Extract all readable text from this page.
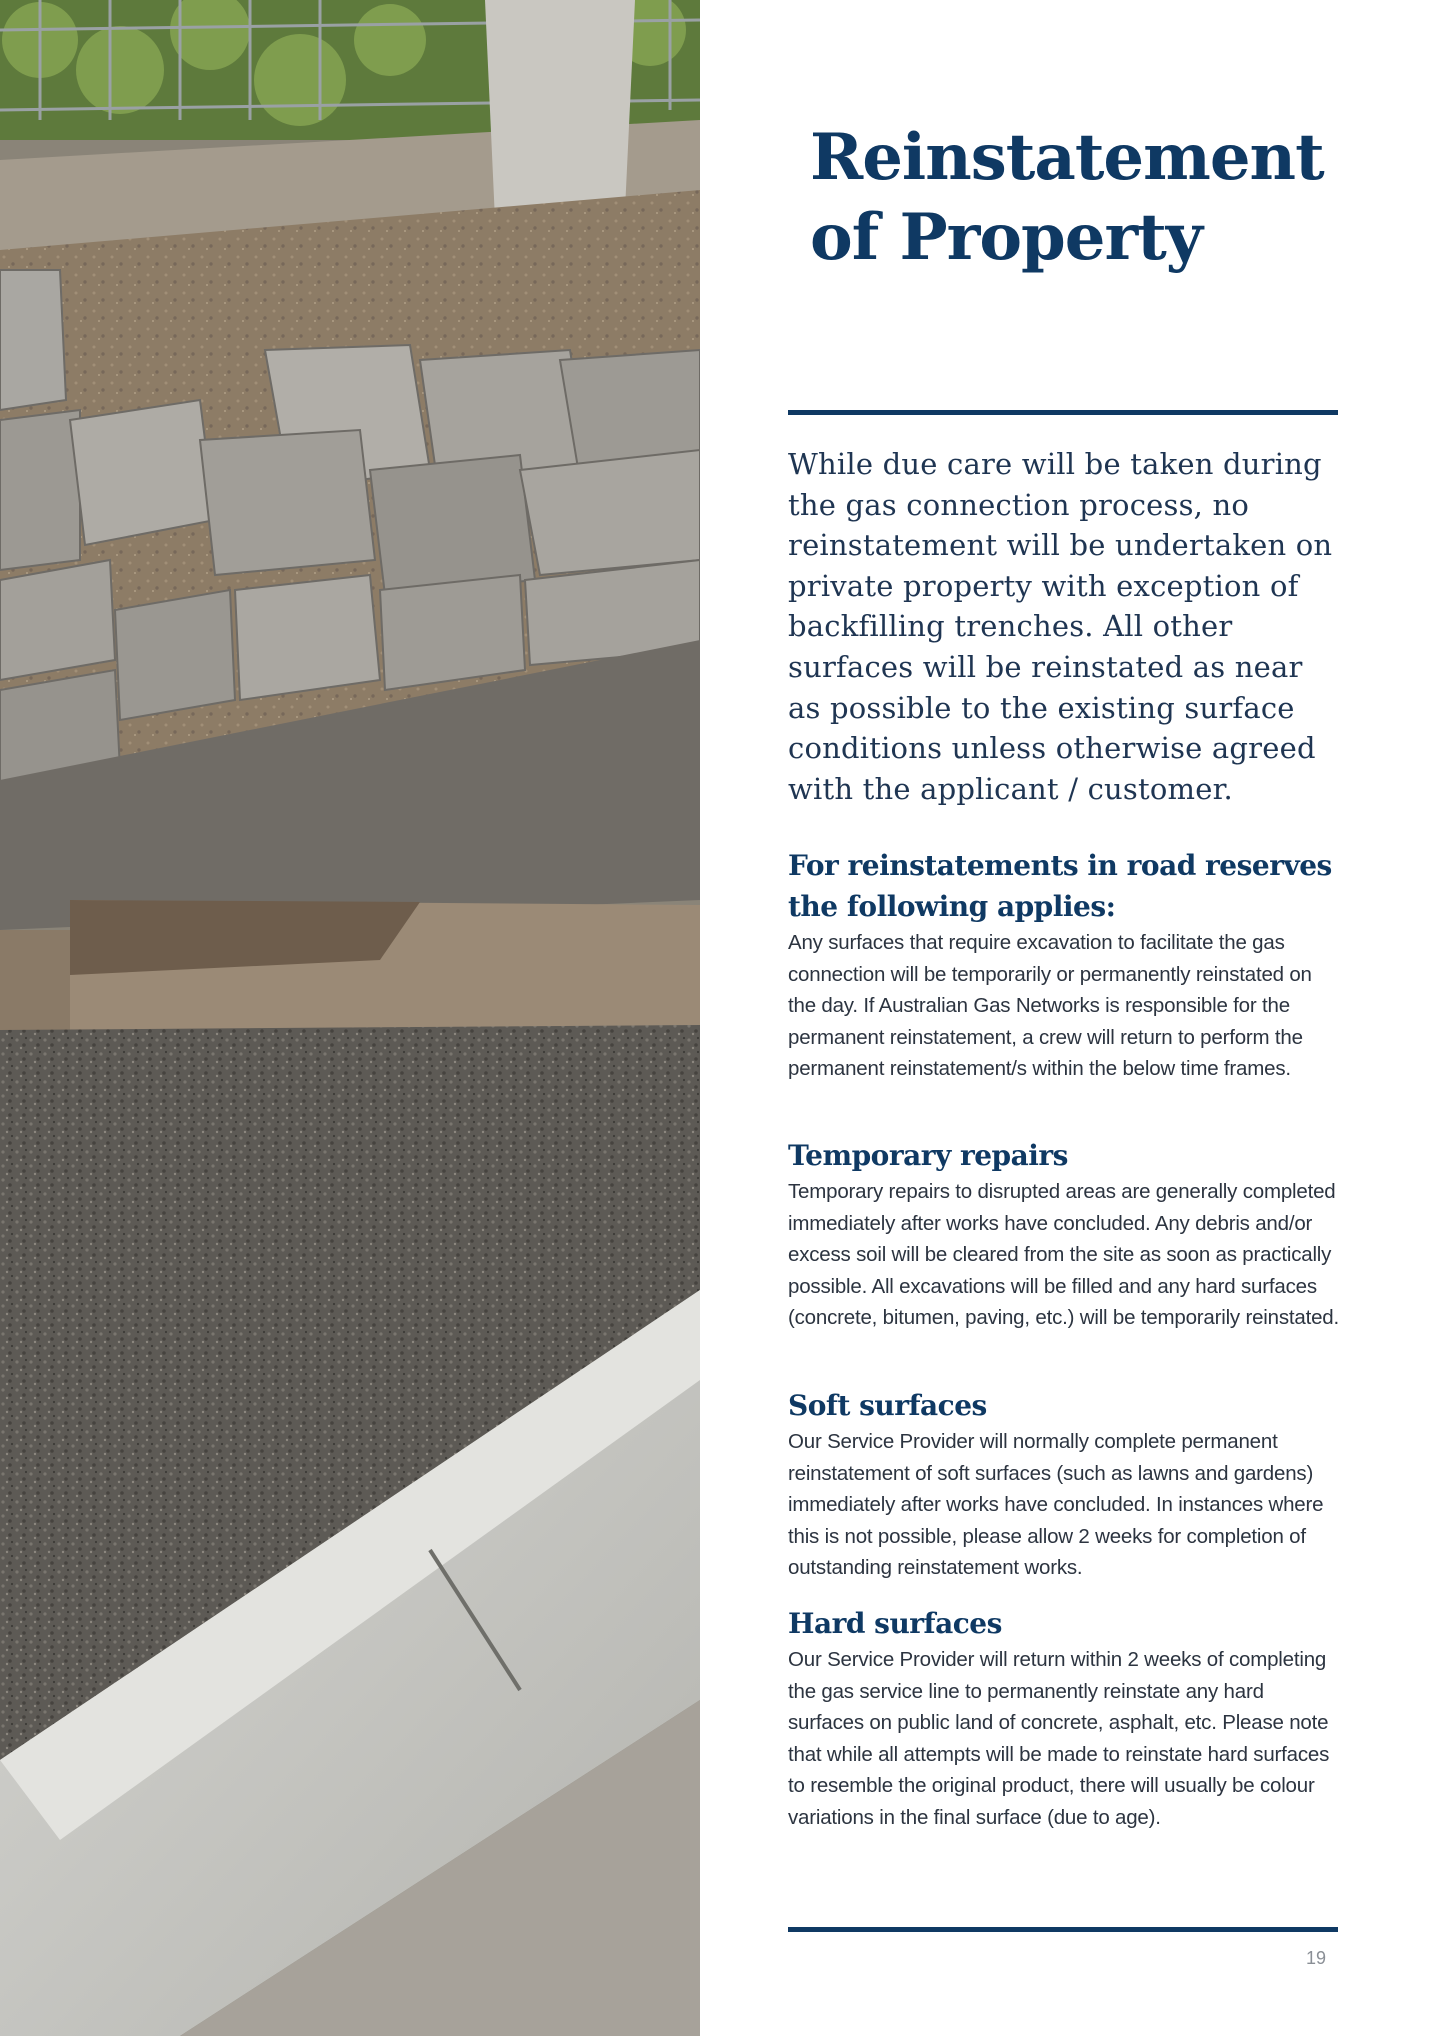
Reinstatement
of Property

While due care will be taken during the gas connection process, no reinstatement will be undertaken on private property with exception of backfilling trenches. All other surfaces will be reinstated as near as possible to the existing surface conditions unless otherwise agreed with the applicant / customer.

For reinstatements in road reserves the following applies:

Any surfaces that require excavation to facilitate the gas connection will be temporarily or permanently reinstated on the day. If Australian Gas Networks is responsible for the permanent reinstatement, a crew will return to perform the permanent reinstatement/s within the below time frames.

Temporary repairs

Temporary repairs to disrupted areas are generally completed immediately after works have concluded. Any debris and/or excess soil will be cleared from the site as soon as practically possible. All excavations will be filled and any hard surfaces (concrete, bitumen, paving, etc.) will be temporarily reinstated.

Soft surfaces

Our Service Provider will normally complete permanent reinstatement of soft surfaces (such as lawns and gardens) immediately after works have concluded. In instances where this is not possible, please allow 2 weeks for completion of outstanding reinstatement works.

Hard surfaces

Our Service Provider will return within 2 weeks of completing the gas service line to permanently reinstate any hard surfaces on public land of concrete, asphalt, etc. Please note that while all attempts will be made to reinstate hard surfaces to resemble the original product, there will usually be colour variations in the final surface (due to age).

19
